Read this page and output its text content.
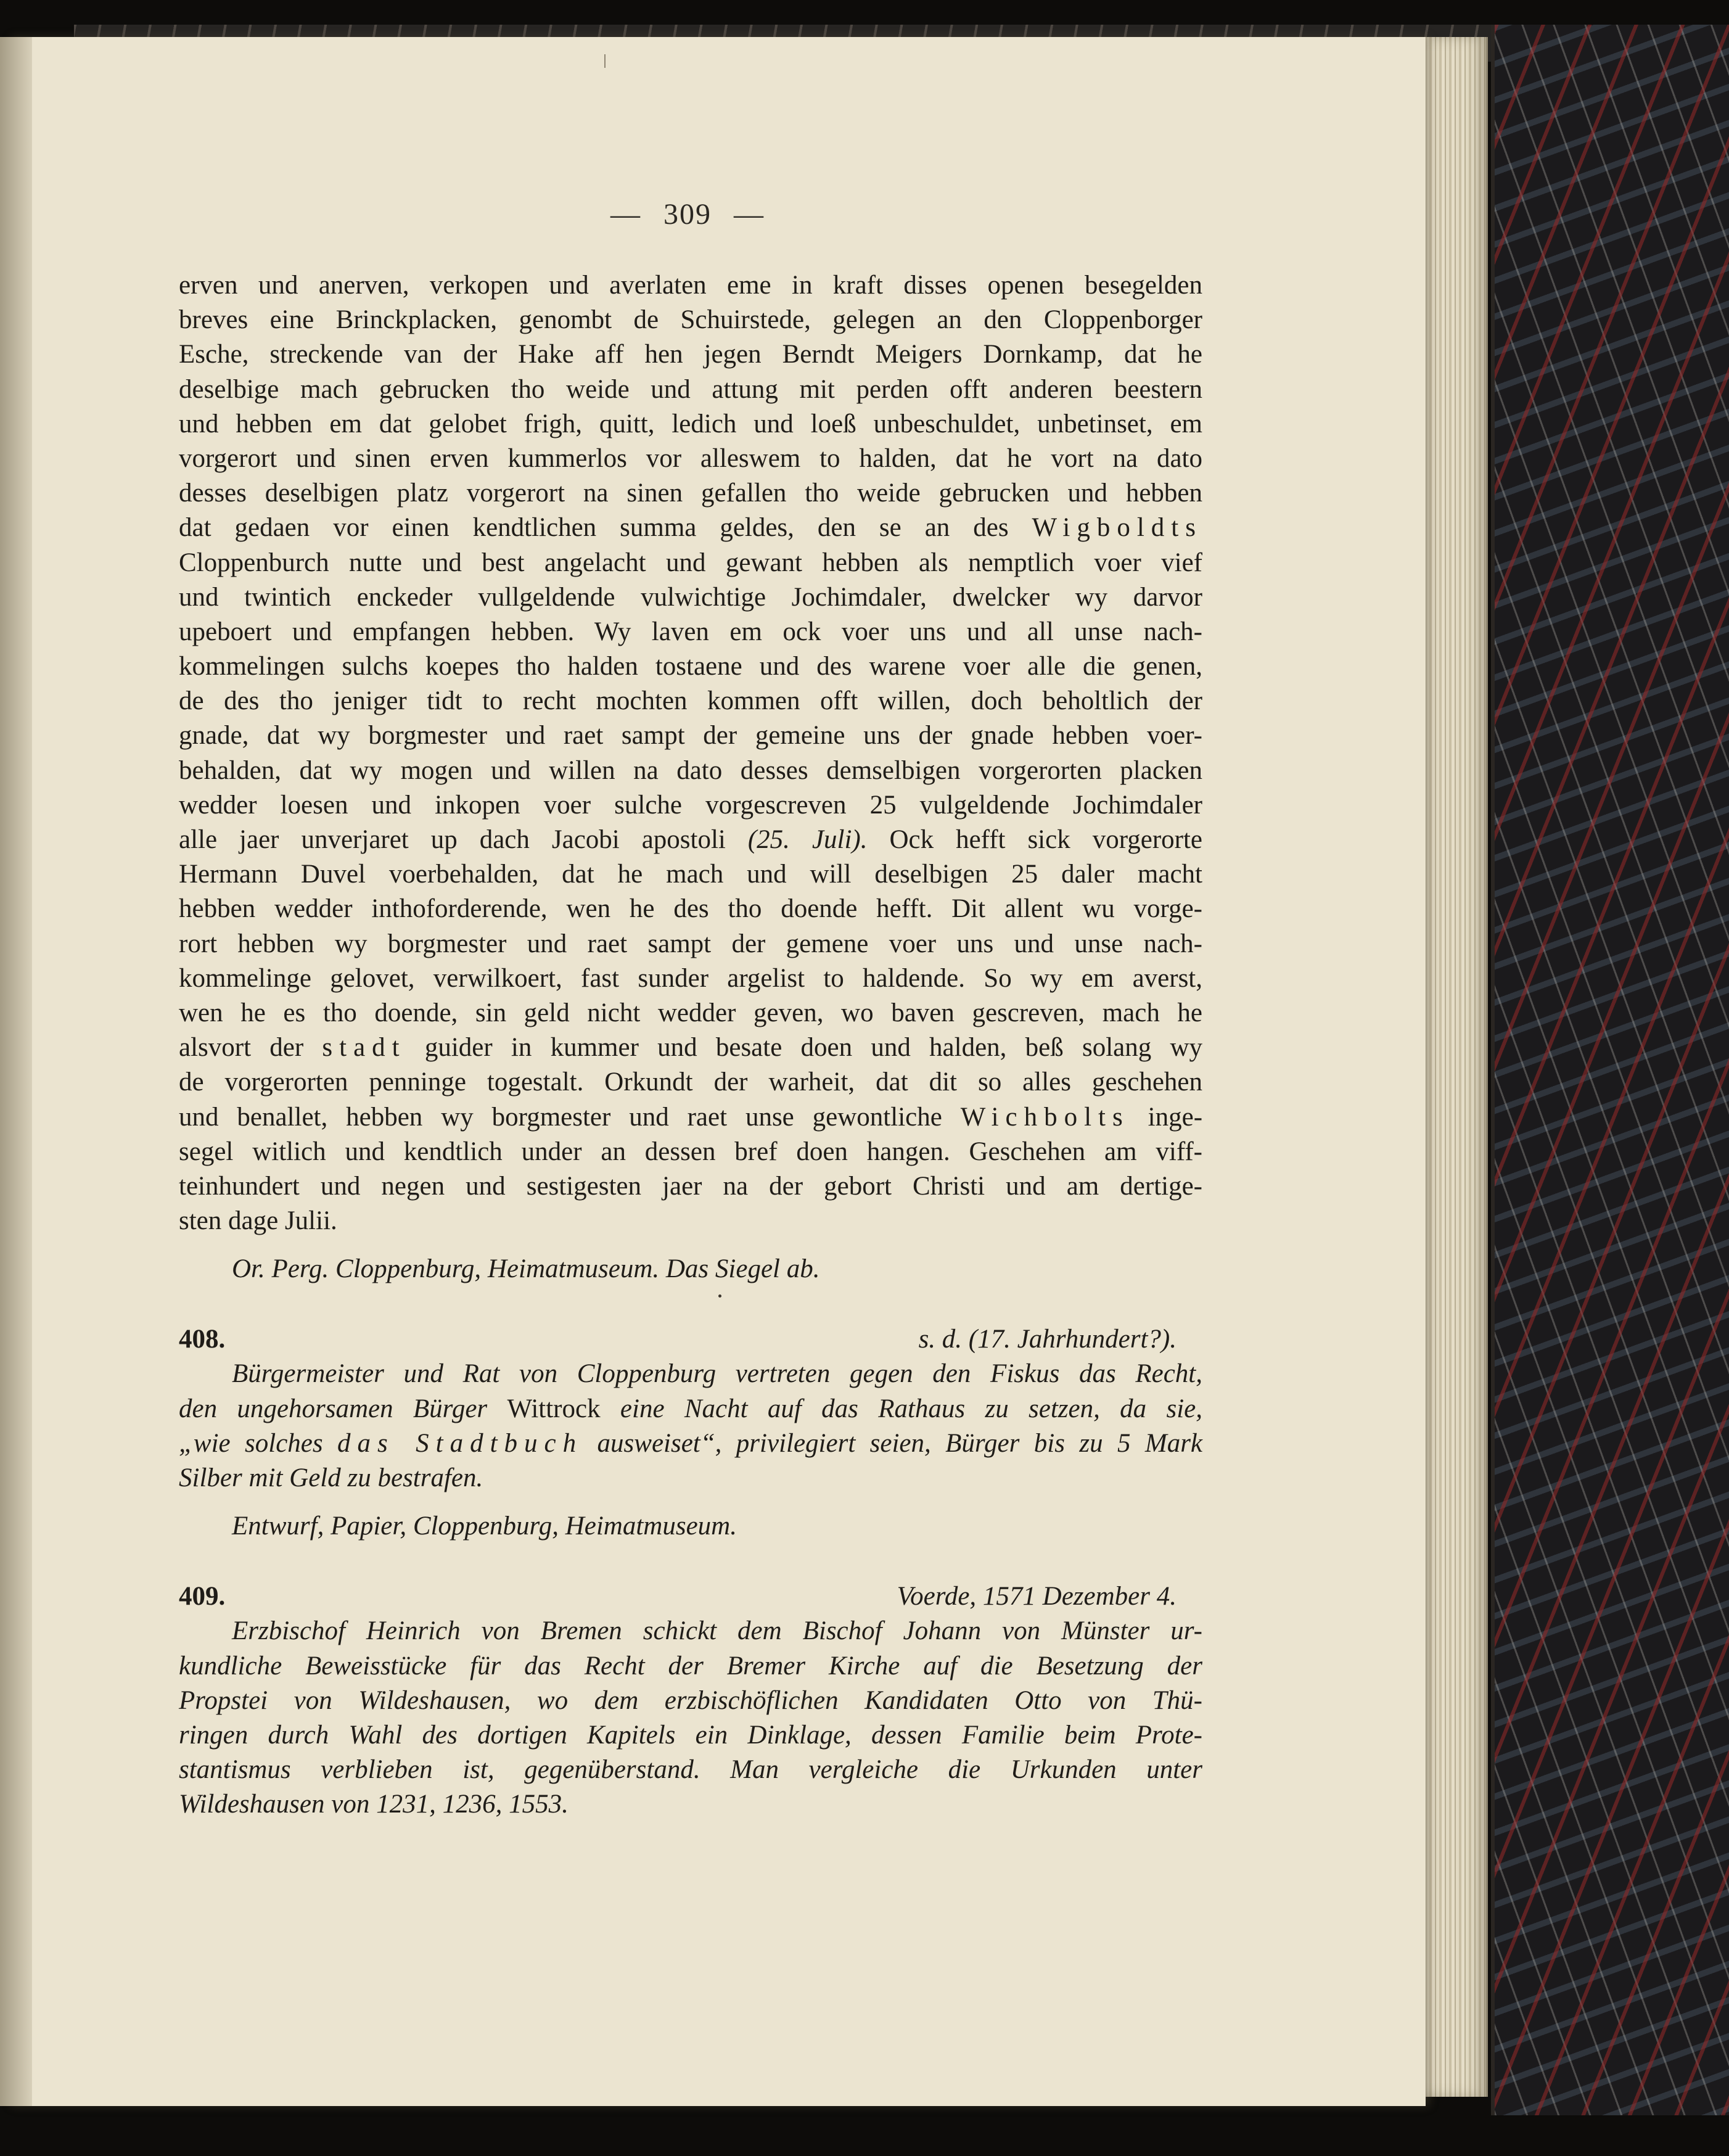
— 309 —
erven und anerven, verkopen und averlaten eme in kraft disses openen besegelden
breves eine Brinckplacken, genombt de Schuirstede, gelegen an den Cloppenborger
Esche, streckende van der Hake aff hen jegen Berndt Meigers Dornkamp, dat he
deselbige mach gebrucken tho weide und attung mit perden offt anderen beestern
und hebben em dat gelobet frigh, quitt, ledich und loeß unbeschuldet, unbetinset, em
vorgerort und sinen erven kummerlos vor alleswem to halden, dat he vort na dato
desses deselbigen platz vorgerort na sinen gefallen tho weide gebrucken und hebben
dat gedaen vor einen kendtlichen summa geldes, den se an des Wigboldts
Cloppenburch nutte und best angelacht und gewant hebben als nemptlich voer vief
und twintich enckeder vullgeldende vulwichtige Jochimdaler, dwelcker wy darvor
upeboert und empfangen hebben. Wy laven em ock voer uns und all unse nach-
kommelingen sulchs koepes tho halden tostaene und des warene voer alle die genen,
de des tho jeniger tidt to recht mochten kommen offt willen, doch beholtlich der
gnade, dat wy borgmester und raet sampt der gemeine uns der gnade hebben voer-
behalden, dat wy mogen und willen na dato desses demselbigen vorgerorten placken
wedder loesen und inkopen voer sulche vorgescreven 25 vulgeldende Jochimdaler
alle jaer unverjaret up dach Jacobi apostoli (25. Juli). Ock hefft sick vorgerorte
Hermann Duvel voerbehalden, dat he mach und will deselbigen 25 daler macht
hebben wedder inthoforderende, wen he des tho doende hefft. Dit allent wu vorge-
rort hebben wy borgmester und raet sampt der gemene voer uns und unse nach-
kommelinge gelovet, verwilkoert, fast sunder argelist to haldende. So wy em averst,
wen he es tho doende, sin geld nicht wedder geven, wo baven gescreven, mach he
alsvort der stadt guider in kummer und besate doen und halden, beß solang wy
de vorgerorten penninge togestalt. Orkundt der warheit, dat dit so alles geschehen
und benallet, hebben wy borgmester und raet unse gewontliche Wichbolts inge-
segel witlich und kendtlich under an dessen bref doen hangen. Geschehen am viff-
teinhundert und negen und sestigesten jaer na der gebort Christi und am dertige-
sten dage Julii.
Or. Perg. Cloppenburg, Heimatmuseum. Das Siegel ab.
408.	s. d. (17. Jahrhundert?).
Bürgermeister und Rat von Cloppenburg vertreten gegen den Fiskus das Recht,
den ungehorsamen Bürger Wittrock eine Nacht auf das Rathaus zu setzen, da sie,
„wie solches das Stadtbuch ausweiset“, privilegiert seien, Bürger bis zu 5 Mark
Silber mit Geld zu bestrafen.
Entwurf, Papier, Cloppenburg, Heimatmuseum.
409.	Voerde, 1571 Dezember 4.
Erzbischof Heinrich von Bremen schickt dem Bischof Johann von Münster ur-
kundliche Beweisstücke für das Recht der Bremer Kirche auf die Besetzung der
Propstei von Wildeshausen, wo dem erzbischöflichen Kandidaten Otto von Thü-
ringen durch Wahl des dortigen Kapitels ein Dinklage, dessen Familie beim Prote-
stantismus verblieben ist, gegenüberstand. Man vergleiche die Urkunden unter
Wildeshausen von 1231, 1236, 1553.
